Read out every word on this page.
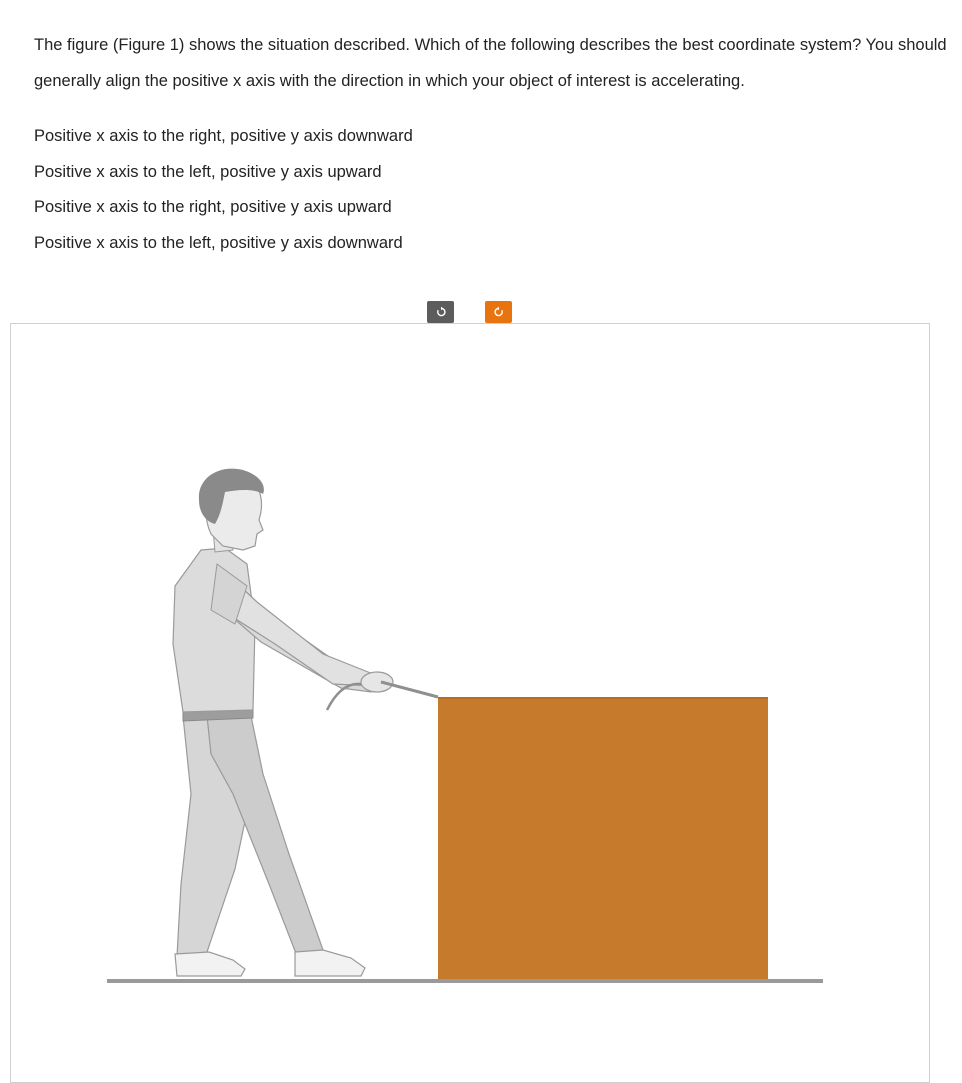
The figure (Figure 1) shows the situation described. Which of the following describes the best coordinate system? You should generally align the positive x axis with the direction in which your object of interest is accelerating.

Positive x axis to the right, positive y axis downward
Positive x axis to the left, positive y axis upward
Positive x axis to the right, positive y axis upward
Positive x axis to the left, positive y axis downward
